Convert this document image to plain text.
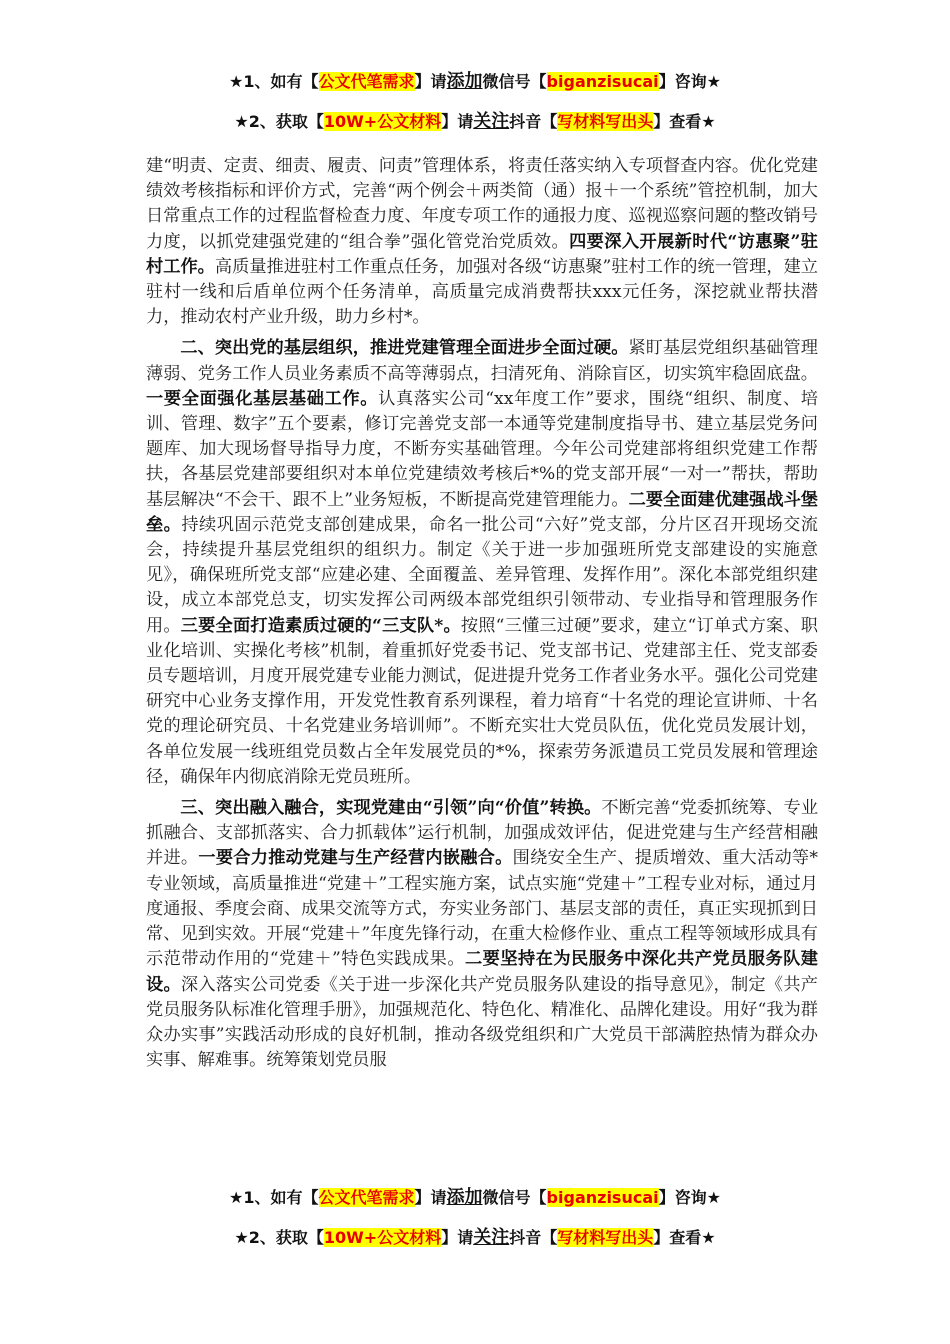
★1、如有【公文代笔需求】请添加微信号【biganzisucai】咨询★
★2、获取【10W+公文材料】请关注抖音【写材料写出头】查看★

建“明责、定责、细责、履责、问责”管理体系，将责任落实纳入专项督查内容。优化党建绩效考核指标和评价方式，完善“两个例会＋两类简（通）报＋一个系统”管控机制，加大日常重点工作的过程监督检查力度、年度专项工作的通报力度、巡视巡察问题的整改销号力度，以抓党建强党建的“组合拳”强化管党治党质效。四要深入开展新时代“访惠聚”驻村工作。高质量推进驻村工作重点任务，加强对各级“访惠聚”驻村工作的统一管理，建立驻村一线和后盾单位两个任务清单，高质量完成消费帮扶xxx元任务，深挖就业帮扶潜力，推动农村产业升级，助力乡村*。

二、突出党的基层组织，推进党建管理全面进步全面过硬。紧盯基层党组织基础管理薄弱、党务工作人员业务素质不高等薄弱点，扫清死角、消除盲区，切实筑牢稳固底盘。一要全面强化基层基础工作。认真落实公司“xx年度工作”要求，围绕“组织、制度、培训、管理、数字”五个要素，修订完善党支部一本通等党建制度指导书、建立基层党务问题库、加大现场督导指导力度，不断夯实基础管理。今年公司党建部将组织党建工作帮扶，各基层党建部要组织对本单位党建绩效考核后*%的党支部开展“一对一”帮扶，帮助基层解决“不会干、跟不上”业务短板，不断提高党建管理能力。二要全面建优建强战斗堡垒。持续巩固示范党支部创建成果，命名一批公司“六好”党支部，分片区召开现场交流会，持续提升基层党组织的组织力。制定《关于进一步加强班所党支部建设的实施意见》，确保班所党支部“应建必建、全面覆盖、差异管理、发挥作用”。深化本部党组织建设，成立本部党总支，切实发挥公司两级本部党组织引领带动、专业指导和管理服务作用。三要全面打造素质过硬的“三支队*。按照“三懂三过硬”要求，建立“订单式方案、职业化培训、实操化考核”机制，着重抓好党委书记、党支部书记、党建部主任、党支部委员专题培训，月度开展党建专业能力测试，促进提升党务工作者业务水平。强化公司党建研究中心业务支撑作用，开发党性教育系列课程，着力培育“十名党的理论宣讲师、十名党的理论研究员、十名党建业务培训师”。不断充实壮大党员队伍，优化党员发展计划，各单位发展一线班组党员数占全年发展党员的*%，探索劳务派遣员工党员发展和管理途径，确保年内彻底消除无党员班所。

三、突出融入融合，实现党建由“引领”向“价值”转换。不断完善“党委抓统筹、专业抓融合、支部抓落实、合力抓载体”运行机制，加强成效评估，促进党建与生产经营相融并进。一要合力推动党建与生产经营内嵌融合。围绕安全生产、提质增效、重大活动等*专业领域，高质量推进“党建＋”工程实施方案，试点实施“党建＋”工程专业对标，通过月度通报、季度会商、成果交流等方式，夯实业务部门、基层支部的责任，真正实现抓到日常、见到实效。开展“党建＋”年度先锋行动，在重大检修作业、重点工程等领域形成具有示范带动作用的“党建＋”特色实践成果。二要坚持在为民服务中深化共产党员服务队建设。深入落实公司党委《关于进一步深化共产党员服务队建设的指导意见》，制定《共产党员服务队标准化管理手册》，加强规范化、特色化、精准化、品牌化建设。用好“我为群众办实事”实践活动形成的良好机制，推动各级党组织和广大党员干部满腔热情为群众办实事、解难事。统筹策划党员服

★1、如有【公文代笔需求】请添加微信号【biganzisucai】咨询★
★2、获取【10W+公文材料】请关注抖音【写材料写出头】查看★
